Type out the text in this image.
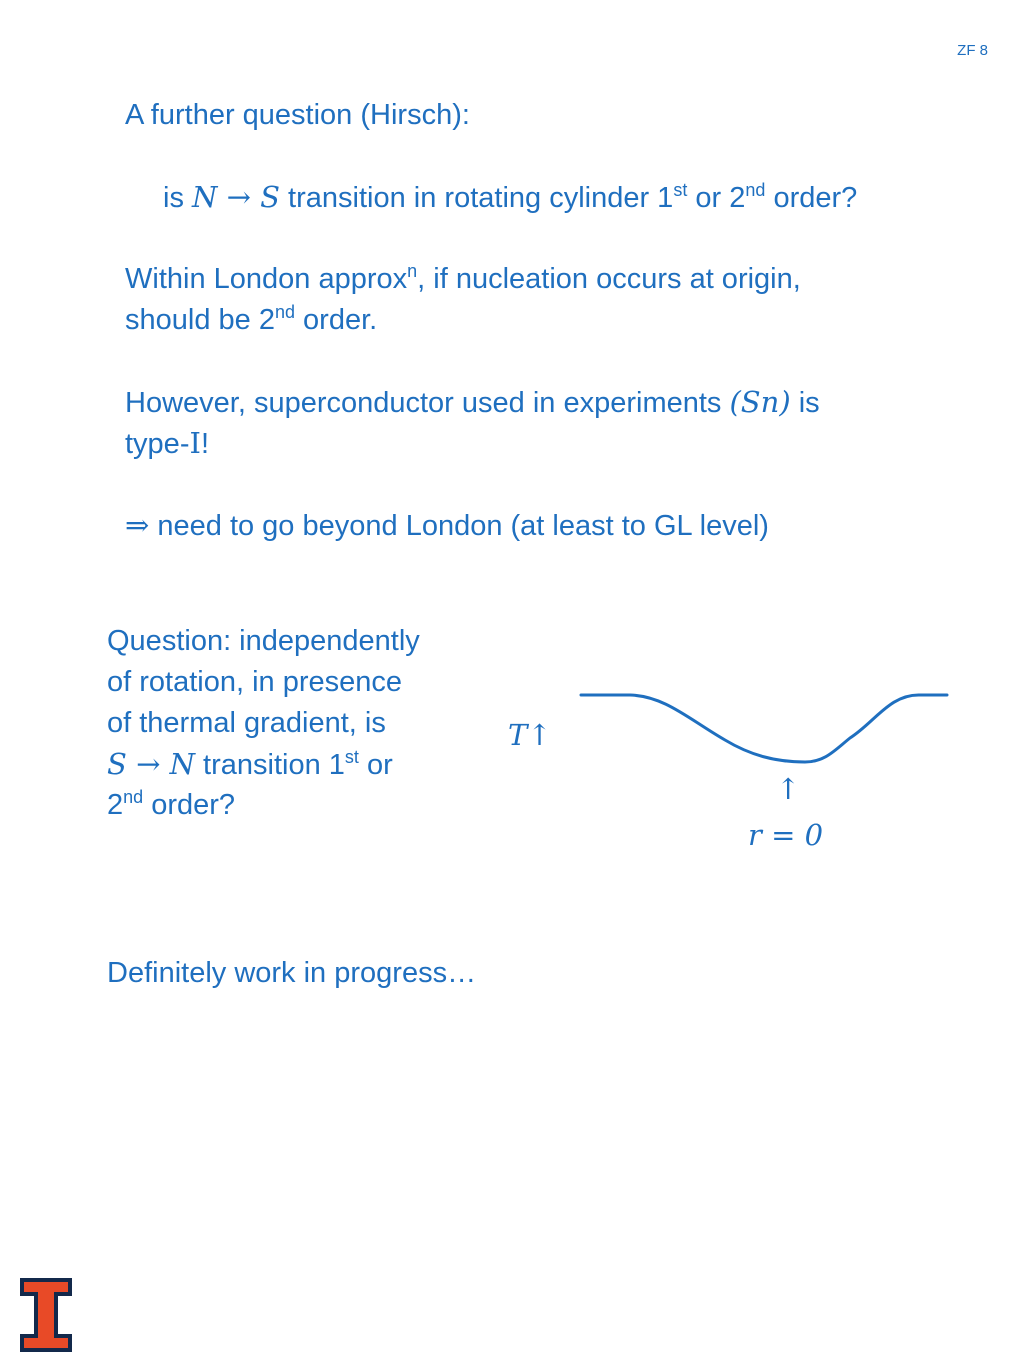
ZF 8
A further question (Hirsch):
is N → S transition in rotating cylinder 1st or 2nd order?
Within London approx$^n$, if nucleation occurs at origin,
should be 2nd order.
However, superconductor used in experiments (Sn) is
type-I!
⇒ need to go beyond London (at least to GL level)
Question: independently
of rotation, in presence
of thermal gradient, is
S → N transition 1st or
2nd order?
T↑
↑
r = 0
Definitely work in progress…
